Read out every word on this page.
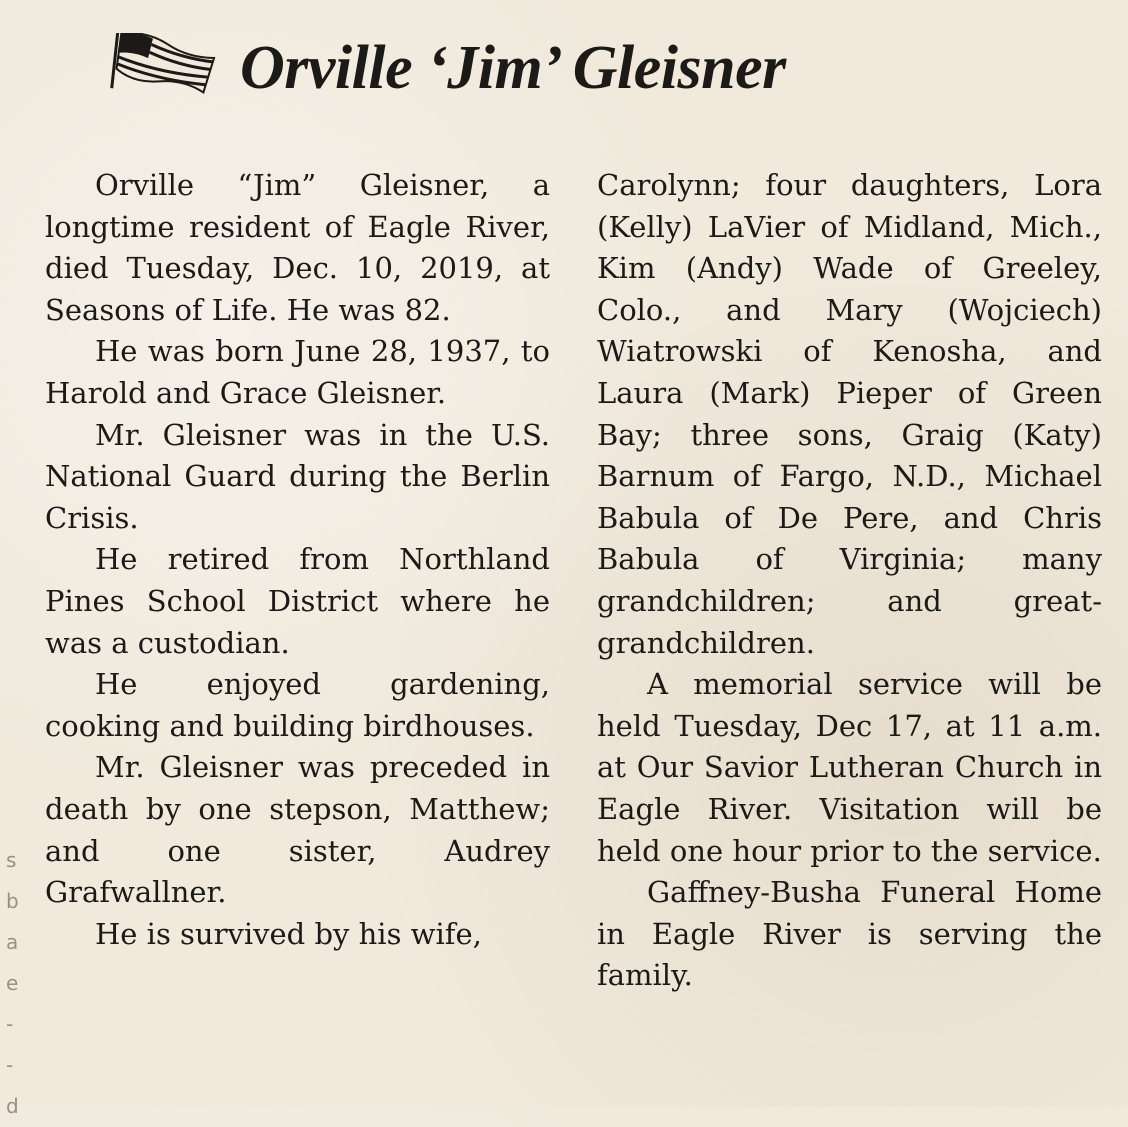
Orville ‘Jim’ Gleisner

Orville “Jim” Gleisner, a longtime resident of Eagle River, died Tuesday, Dec. 10, 2019, at Seasons of Life. He was 82.

He was born June 28, 1937, to Harold and Grace Gleisner.

Mr. Gleisner was in the U.S. National Guard during the Berlin Crisis.

He retired from Northland Pines School District where he was a custodian.

He enjoyed gardening, cooking and building birdhouses.

Mr. Gleisner was preceded in death by one stepson, Matthew; and one sister, Audrey Grafwallner.

He is survived by his wife,

Carolynn; four daughters, Lora (Kelly) LaVier of Midland, Mich., Kim (Andy) Wade of Greeley, Colo., and Mary (Wojciech) Wiatrowski of Kenosha, and Laura (Mark) Pieper of Green Bay; three sons, Graig (Katy) Barnum of Fargo, N.D., Michael Babula of De Pere, and Chris Babula of Virginia; many grandchildren; and great-grandchildren.

A memorial service will be held Tuesday, Dec 17, at 11 a.m. at Our Savior Lutheran Church in Eagle River. Visitation will be held one hour prior to the service.

Gaffney-Busha Funeral Home in Eagle River is serving the family.

s
b
a
e
-
-
d
